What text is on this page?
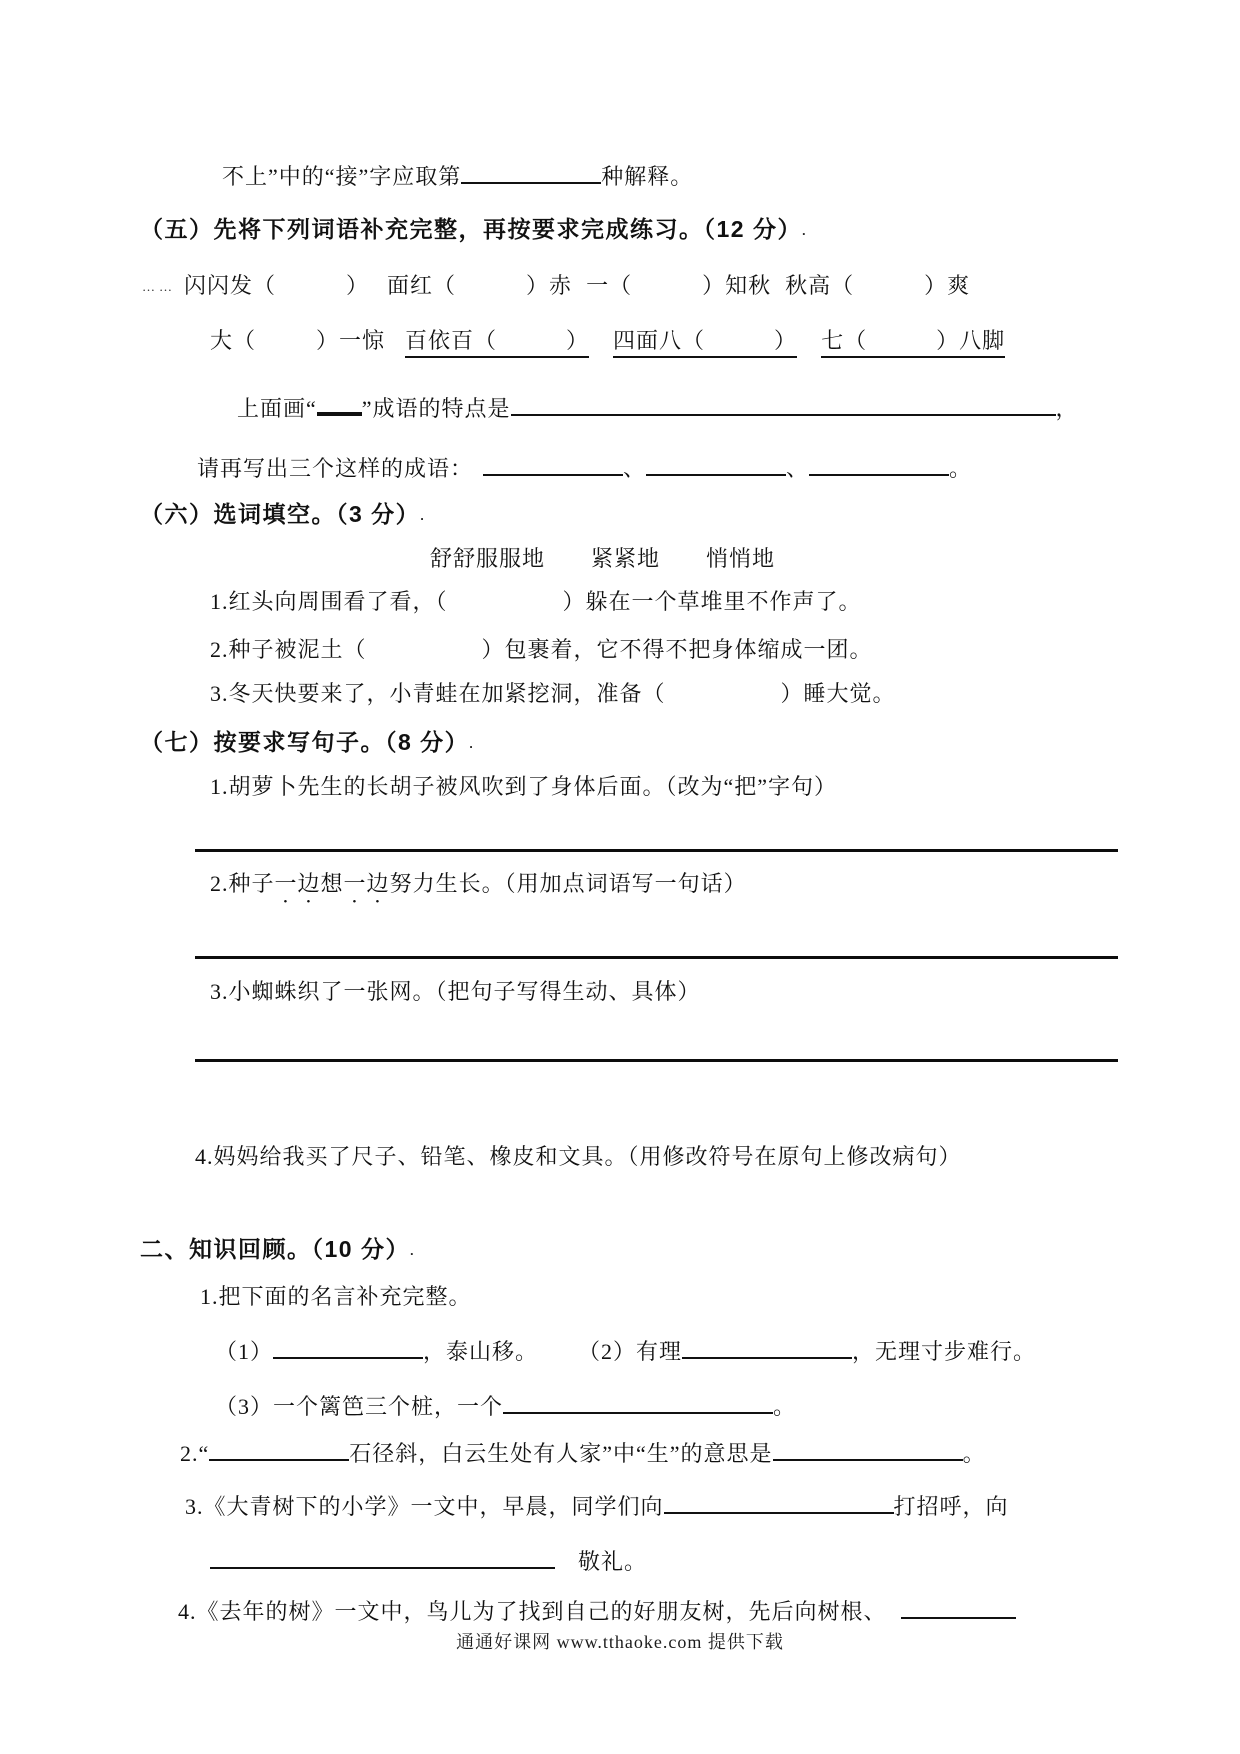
不上”中的“接”字应取第	种解释。
（五）先将下列词语补充完整，再按要求完成练习。（12 分）.
…… 闪闪发（	） 面红（	）赤 一（	）知秋 秋高（	）爽
大（	）一惊 百依百（　　　） 四面八（　　　） 七（　　　）八脚
上面画“ ”成语的特点是	，
请再写出三个这样的成语：	、	、	。
（六）选词填空。（3 分）.
舒舒服服地　　紧紧地　　悄悄地
1.红头向周围看了看，（	）躲在一个草堆里不作声了。
2.种子被泥土（	）包裹着，它不得不把身体缩成一团。
3.冬天快要来了，小青蛙在加紧挖洞，准备（	）睡大觉。
（七）按要求写句子。（8 分）.
1.胡萝卜先生的长胡子被风吹到了身体后面。（改为“把”字句）
2.种子一边想一边努力生长。（用加点词语写一句话）
3.小蜘蛛织了一张网。（把句子写得生动、具体）
4.妈妈给我买了尺子、铅笔、橡皮和文具。（用修改符号在原句上修改病句）
二、知识回顾。（10 分）.
1.把下面的名言补充完整。
（1）	，泰山移。 （2）有理	，无理寸步难行。
（3）一个篱笆三个桩，一个	。
2.“	石径斜，白云生处有人家”中“生”的意思是	。
3.《大青树下的小学》一文中，早晨，同学们向	打招呼，向
　敬礼。
4.《去年的树》一文中，鸟儿为了找到自己的好朋友树，先后向树根、
通通好课网 www.tthaoke.com 提供下载
